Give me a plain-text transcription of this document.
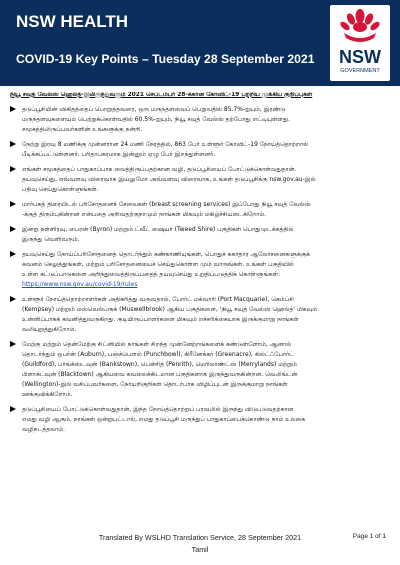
NSW HEALTH
COVID-19 Key Points – Tuesday 28 September 2021 NSW
GOVERNMENT
நியூ சவுத் வேல்ஸ் ஹெல்த்-இலிருந்துவரும் 2021 செப்டம்பர் 28-க்கான கோவிட்-19 பற்றிய முக்கிய குறிப்புகள்
தடுப்பூசியின் விகிதத்தைப் பொறுத்தவரை, ஒரு மருந்தளவைப் பெறுவதில் 85.7%-ஐயும், இரண்டு
மருந்தளவுகளையும் பெற்றுக்கொள்வதில் 60.5%-ஐயும், நியூ சவுத் வேல்ஸ் தற்போது எட்டியுள்ளது.
சமூகத்திலிருப்பவர்களின் உங்களுக்கு நன்றி.
நேற்று இரவு 8 மணிக்கு முன்னரான 24 மணி நேரத்தில், 863 பேர் உள்ளூர் கோவிட்-19 நோய்த்தொற்றால்
பீடிக்கப்பட்டுள்ளனர். பரிதாபகரமாக இன்னும் ஏழு பேர் இறந்துள்ளனர்.
எங்கள் சமூகத்தைப் பாதுகாப்பாக வைத்திருப்பதற்கான வழி, தடுப்பூசியைப் போட்டுக்கொள்வதுதான்.
தயவுசெய்து, எவ்வளவு விரைவாக இயலுமோ அவ்வளவு விரைவாக, உங்கள் தடுப்பூசிக்கு nsw.gov.au-இல்
பதிவு செய்துகொள்ளுங்கள்.
மார்பகத் திரையிடல் பரிசோதனைச் சேவைகள் (breast screening services) இப்போது நியூ சவுத் வேல்ஸ்
-க்குத் திரும்புகின்றன என்பதை அறிவதற்குநாமும் நாங்கள் மிகவும் மகிழ்ச்சியடைகிறோம்.
இன்று நள்ளிரவு, பைரன் (Byron) மற்றும் ட்வீட் ஷையர் (Tweed Shire) பகுதிகள் பொதுமுடக்கத்தில்
இருந்து வெளிவரும்.
தயவுசெய்து நோய்ப்பரிசோதனைத் தொடர்ந்தும் கண்காணியுங்கள், பொதுச் சுகாதார ஆலோசனைகளுக்குக்
கவனம் செலுத்துங்கள், மற்றும் பரிசோதனையைச் செய்துகொள்ள மும் வாருங்கள். உங்கள் பகுதியில்
உள்ள கட்டுப்பாடுகளை அறிந்துவைத்திருப்பதைத் தயவுசெய்து உறுதிப்படுத்திக் கொள்ளுங்கள்:
https://www.nsw.gov.au/covid-19/rules
உள்ளூர் நோய்த்தொற்றாளர்கள் அதிகரித்து வருவதால், போர்ட் மக்வாரி (Port Macquarie), கெம்ப்சி
(Kempsey) மற்றும் மஸ்வெல்ப்ரூக் (Muswellbrook) ஆகிய பகுதிகளை, 'நியூ சவுத் வேல்ஸ் ஹெல்த்' மிகவும்
உன்னிப்பாகக் கவனித்துவருகிறது. குடியிருப்பாளர்களை மிகவும் எச்சரிக்கையாக இருக்குமாறு நாங்கள்
வலியுறுத்துகிறோம்.
மேற்கு மற்றும் தென்மேற்கு சிட்னியில் நாங்கள் சிறந்த முன்னேற்றங்களைக் கண்டுள்ளோம், ஆனால்
தொடர்ந்தும் ஒபர்ன் (Auburn), பஞ்ச்பௌல் (Punchbowl), கிரீனேக்கர் (Greenacre), கில்ட்ஃபோர்ட்
(Guildford), பாங்க்ஸ்டவுன் (Bankstown), பென்ரித் (Penrith), மெரிலாண்ட்ஸ் (Merrylands) மற்றும்
பிளாக்டவுன் (Blacktown) ஆகியவை கவலைக்கிடமான பகுதிகளாக இருந்துவருகின்றன. வெலிங்டன்
(Wellington)-இல் வசிப்பவர்களை, நோயறிகுறிகள் தொடர்பாக விழிப்புடன் இருக்குமாறு நாங்கள்
ஊக்குவிக்கிறோம்.
தடுப்பூசியைப் போட்டுக்கொள்வதுதான், இந்த நோய்த்தொற்றுப் பரவலில் இருந்து விடுபடுவதற்கான
எமது வழி ஆகும். நாங்கள் ஒன்றுபட்டால், எமது தடுப்பூசி மருந்துப் பாதுகாப்பைக்கொண்டு நாம் உலகை
வழிநடத்தலாம்.
Translated By WSLHD Translation Service, 28 September 2021
Tamil
Page 1 of 1
